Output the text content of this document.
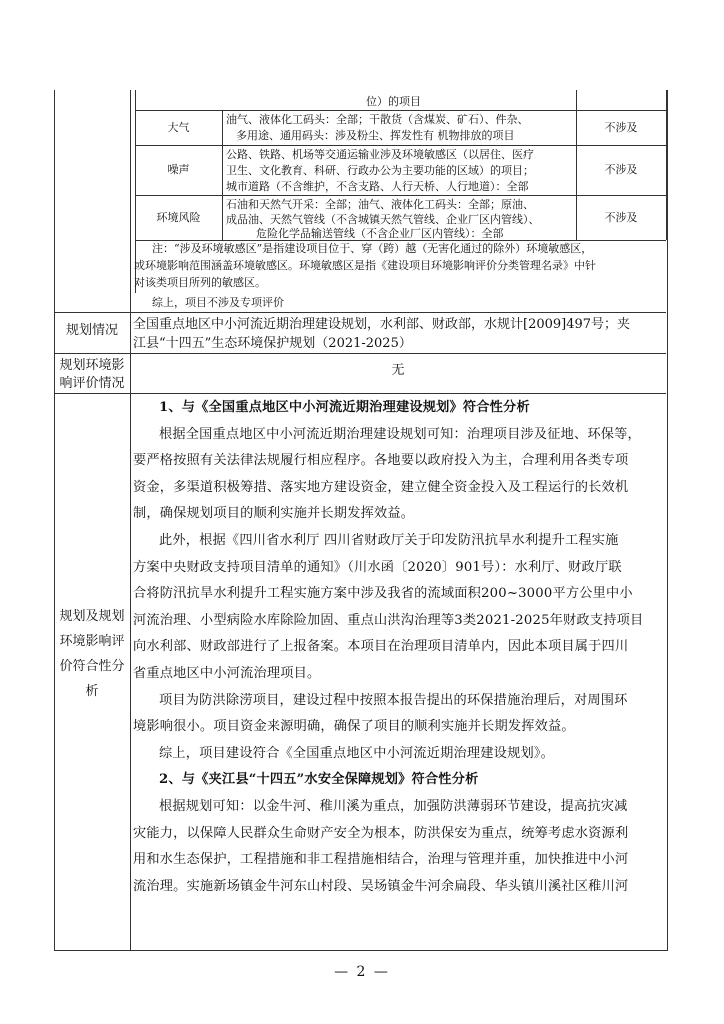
位）的项目
大气
油气、液体化工码头：全部；干散货（含煤炭、矿石）、件杂、
多用途、通用码头：涉及粉尘、挥发性有 机物排放的项目
不涉及
噪声
公路、铁路、机场等交通运输业涉及环境敏感区（以居住、医疗
卫生、文化教育、科研、行政办公为主要功能的区域）的项目；
城市道路（不含维护，不含支路、人行天桥、人行地道）：全部
不涉及
环境风险
石油和天然气开采：全部；油气、液体化工码头：全部；原油、
成品油、天然气管线（不含城镇天然气管线、企业厂区内管线）、
危险化学品输送管线（不含企业厂区内管线）：全部
不涉及
注：“涉及环境敏感区”是指建设项目位于、穿（跨）越（无害化通过的除外）环境敏感区，
或环境影响范围涵盖环境敏感区。环境敏感区是指《建设项目环境影响评价分类管理名录》中针
对该类项目所列的敏感区。
综上，项目不涉及专项评价
规划情况	全国重点地区中小河流近期治理建设规划，水利部、财政部，水规计[2009]497号；夹
江县“十四五”生态环境保护规划（2021-2025）
规划环境影
响评价情况
无
规划及规划
环境影响评
价符合性分
析
1、与《全国重点地区中小河流近期治理建设规划》符合性分析
根据全国重点地区中小河流近期治理建设规划可知：治理项目涉及征地、环保等，
要严格按照有关法律法规履行相应程序。各地要以政府投入为主，合理利用各类专项
资金，多渠道积极筹措、落实地方建设资金，建立健全资金投入及工程运行的长效机
制，确保规划项目的顺利实施并长期发挥效益。
此外，根据《四川省水利厅 四川省财政厅关于印发防汛抗旱水利提升工程实施
方案中央财政支持项目清单的通知》（川水函〔2020〕901号）：水利厅、财政厅联
合将防汛抗旱水利提升工程实施方案中涉及我省的流域面积200~3000平方公里中小
河流治理、小型病险水库除险加固、重点山洪沟治理等3类2021-2025年财政支持项目
向水利部、财政部进行了上报备案。本项目在治理项目清单内，因此本项目属于四川
省重点地区中小河流治理项目。
项目为防洪除涝项目，建设过程中按照本报告提出的环保措施治理后，对周围环
境影响很小。项目资金来源明确，确保了项目的顺利实施并长期发挥效益。
综上，项目建设符合《全国重点地区中小河流近期治理建设规划》。
2、与《夹江县“十四五”水安全保障规划》符合性分析
根据规划可知：以金牛河、稚川溪为重点，加强防洪薄弱环节建设，提高抗灾减
灾能力，以保障人民群众生命财产安全为根本，防洪保安为重点，统筹考虑水资源利
用和水生态保护，工程措施和非工程措施相结合，治理与管理并重，加快推进中小河
流治理。实施新场镇金牛河东山村段、吴场镇金牛河余扁段、华头镇川溪社区稚川河
— 2 —
